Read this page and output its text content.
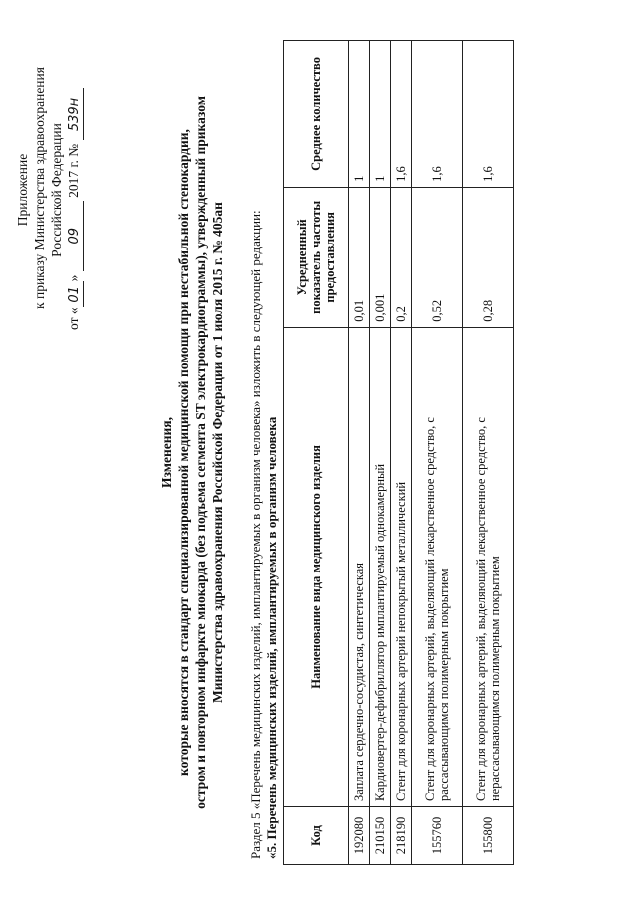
Приложение к приказу Министерства здравоохранения Российской Федерации
от «01» 09 2017 г. № 539н
Изменения, которые вносятся в стандарт специализированной медицинской помощи при нестабильной стенокардии, остром и повторном инфаркте миокарда (без подъема сегмента ST электрокардиограммы), утвержденный приказом Министерства здравоохранения Российской Федерации от 1 июля 2015 г. № 405ан Раздел 5 «Перечень медицинских изделий, имплантируемых в организм человека» изложить в следующей редакции: «5. Перечень медицинских изделий, имплантируемых в организм человека Код	Наименование вида медицинского изделия	Усредненный показатель частоты предоставления	Среднее количество
192080	Заплата сердечно-сосудистая, синтетическая	0,01	1
210150	Кардиовертер-дефибриллятор имплантируемый однокамерный	0,001	1
218190	Стент для коронарных артерий непокрытый металлический	0,2	1,6
155760	Стент для коронарных артерий, выделяющий лекарственное средство, с рассасывающимся полимерным покрытием	0,52	1,6
155800	Стент для коронарных артерий, выделяющий лекарственное средство, с нерассасывающимся полимерным покрытием	0,28	1,6
